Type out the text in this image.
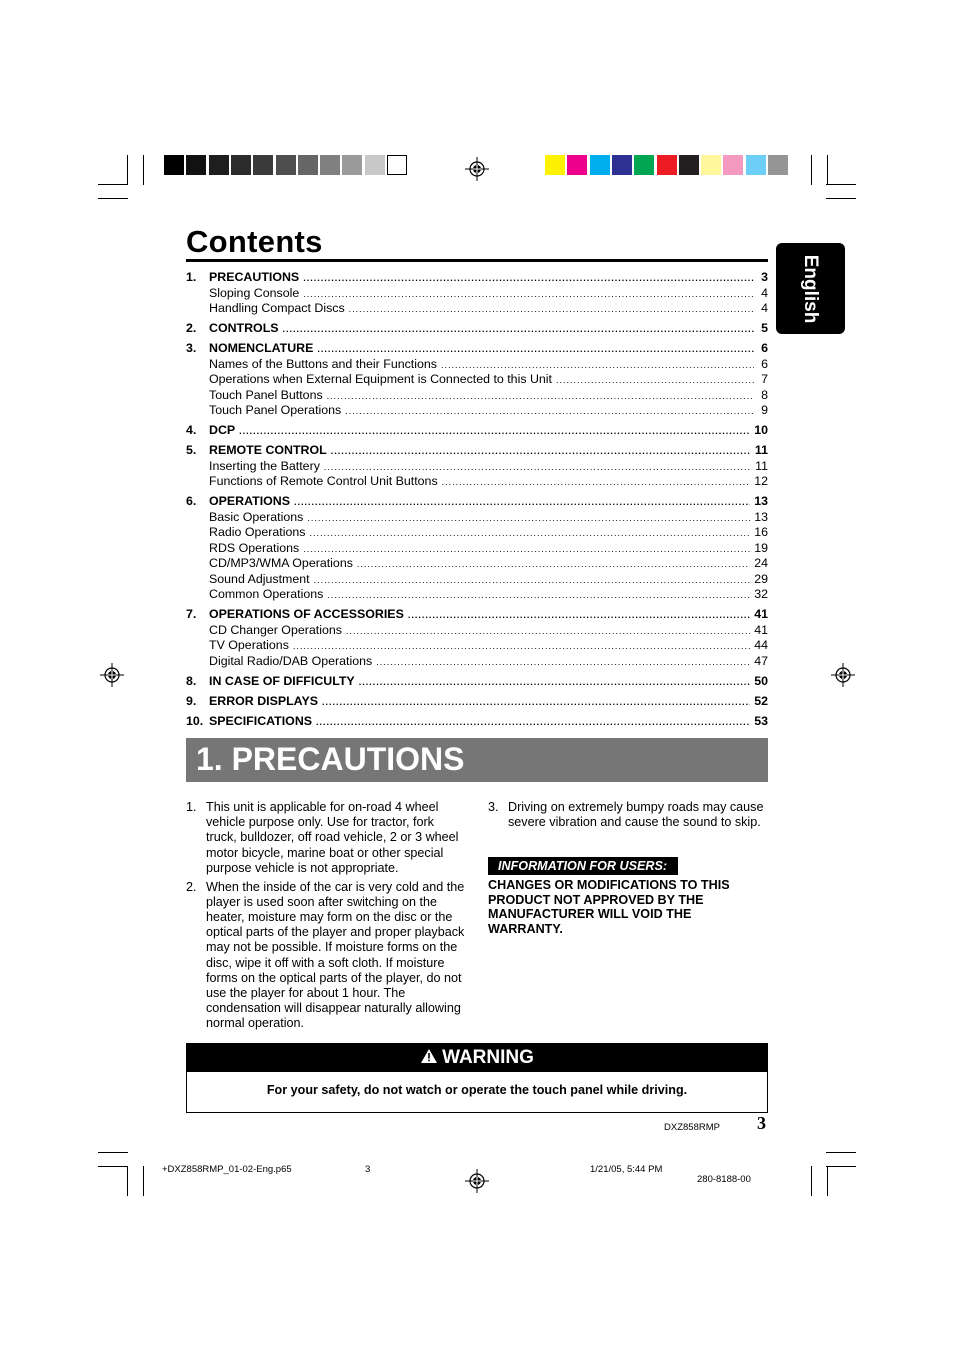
English
Contents
1.	PRECAUTIONS .....	3
Sloping Console .....	4
Handling Compact Discs .....	4
2.	CONTROLS .....	5
3.	NOMENCLATURE .....	6
Names of the Buttons and their Functions .....	6
Operations when External Equipment is Connected to this Unit .....	7
Touch Panel Buttons .....	8
Touch Panel Operations .....	9
4.	DCP .....	10
5.	REMOTE CONTROL .....	11
Inserting the Battery .....	11
Functions of Remote Control Unit Buttons .....	12
6.	OPERATIONS .....	13
Basic Operations .....	13
Radio Operations .....	16
RDS Operations .....	19
CD/MP3/WMA Operations .....	24
Sound Adjustment .....	29
Common Operations .....	32
7.	OPERATIONS OF ACCESSORIES .....	41
CD Changer Operations .....	41
TV Operations .....	44
Digital Radio/DAB Operations .....	47
8.	IN CASE OF DIFFICULTY .....	50
9.	ERROR DISPLAYS .....	52
10. SPECIFICATIONS .....	53
1. PRECAUTIONS
1. This unit is applicable for on-road 4 wheel vehicle purpose only. Use for tractor, fork truck, bulldozer, off road vehicle, 2 or 3 wheel motor bicycle, marine boat or other special purpose vehicle is not appropriate.
2. When the inside of the car is very cold and the player is used soon after switching on the heater, moisture may form on the disc or the optical parts of the player and proper playback may not be possible. If moisture forms on the disc, wipe it off with a soft cloth. If moisture forms on the optical parts of the player, do not use the player for about 1 hour. The condensation will disappear naturally allowing normal operation.
3. Driving on extremely bumpy roads may cause severe vibration and cause the sound to skip.
INFORMATION FOR USERS:
CHANGES OR MODIFICATIONS TO THIS PRODUCT NOT APPROVED BY THE MANUFACTURER WILL VOID THE WARRANTY.
WARNING
For your safety, do not watch or operate the touch panel while driving.
DXZ858RMP 3
+DXZ858RMP_01-02-Eng.p65	3	1/21/05, 5:44 PM
280-8188-00
